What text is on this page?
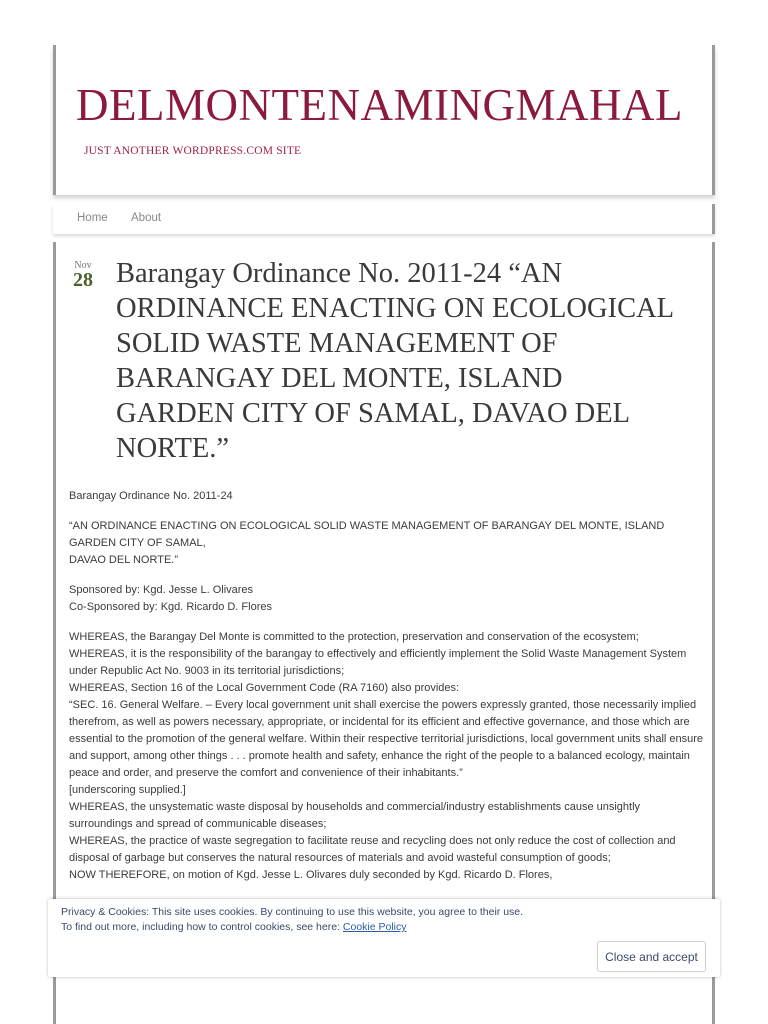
DELMONTENAMINGMAHAL
JUST ANOTHER WORDPRESS.COM SITE
Home About
Nov
28 Barangay Ordinance No. 2011-24 “AN ORDINANCE ENACTING ON ECOLOGICAL SOLID WASTE MANAGEMENT OF BARANGAY DEL MONTE, ISLAND GARDEN CITY OF SAMAL, DAVAO DEL NORTE.”

Barangay Ordinance No. 2011-24

“AN ORDINANCE ENACTING ON ECOLOGICAL SOLID WASTE MANAGEMENT OF BARANGAY DEL MONTE, ISLAND GARDEN CITY OF SAMAL,
DAVAO DEL NORTE.”

Sponsored by: Kgd. Jesse L. Olivares
Co-Sponsored by: Kgd. Ricardo D. Flores

WHEREAS, the Barangay Del Monte is committed to the protection, preservation and conservation of the ecosystem;

WHEREAS, it is the responsibility of the barangay to effectively and efficiently implement the Solid Waste Management System under Republic Act No. 9003 in its territorial jurisdictions;

WHEREAS, Section 16 of the Local Government Code (RA 7160) also provides:

“SEC. 16. General Welfare. – Every local government unit shall exercise the powers expressly granted, those necessarily implied therefrom, as well as powers necessary, appropriate, or incidental for its efficient and effective governance, and those which are essential to the promotion of the general welfare. Within their respective territorial jurisdictions, local government units shall ensure and support, among other things . . . promote health and safety, enhance the right of the people to a balanced ecology, maintain peace and order, and preserve the comfort and convenience of their inhabitants.”

[underscoring supplied.]

WHEREAS, the unsystematic waste disposal by households and commercial/industry establishments cause unsightly surroundings and spread of communicable diseases;

WHEREAS, the practice of waste segregation to facilitate reuse and recycling does not only reduce the cost of collection and disposal of garbage but conserves the natural resources of materials and avoid wasteful consumption of goods;

NOW THEREFORE, on motion of Kgd. Jesse L. Olivares duly seconded by Kgd. Ricardo D. Flores,

Privacy & Cookies: This site uses cookies. By continuing to use this website, you agree to their use.
To find out more, including how to control cookies, see here: Cookie Policy
Close and accept
